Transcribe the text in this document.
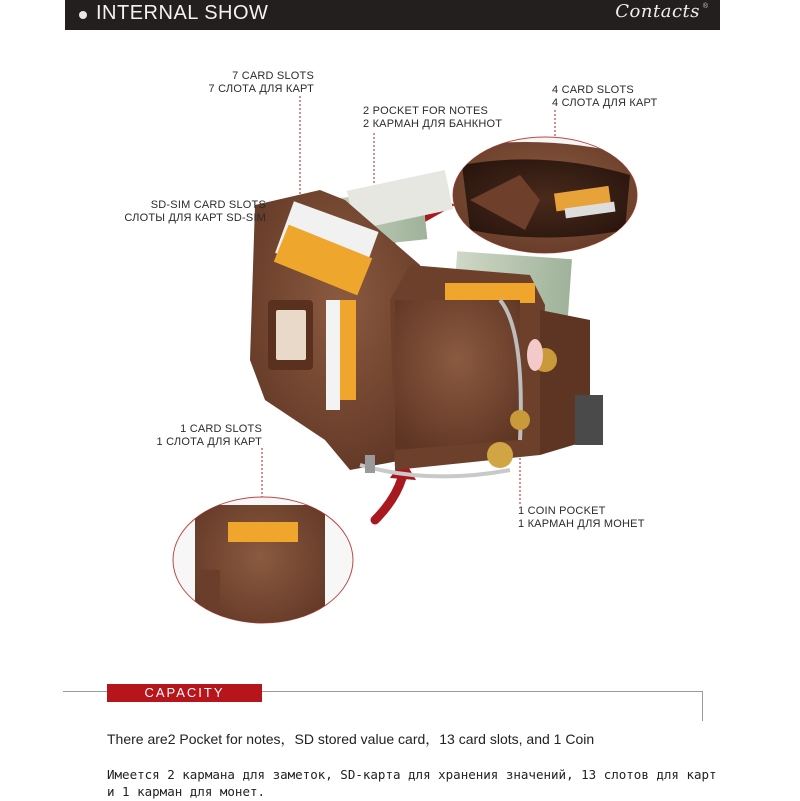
INTERNAL SHOW	Contacts ®
7 CARD SLOTS
7 СЛОТА ДЛЯ КАРТ
2 POCKET FOR NOTES
2 КАРМАН ДЛЯ БАНКНОТ
4 CARD SLOTS
4 СЛОТА ДЛЯ КАРТ
SD-SIM CARD SLOTS
СЛОТЫ ДЛЯ КАРТ SD-SIM
1 CARD SLOTS
1 СЛОТА ДЛЯ КАРТ
1 COIN POCKET
1 КАРМАН ДЛЯ МОНЕТ
CAPACITY
There are2 Pocket for notes，SD stored value card，13 card slots, and 1 Coin
Имеется 2 кармана для заметок, SD-карта для хранения значений, 13 слотов для карт и 1 карман для монет.
